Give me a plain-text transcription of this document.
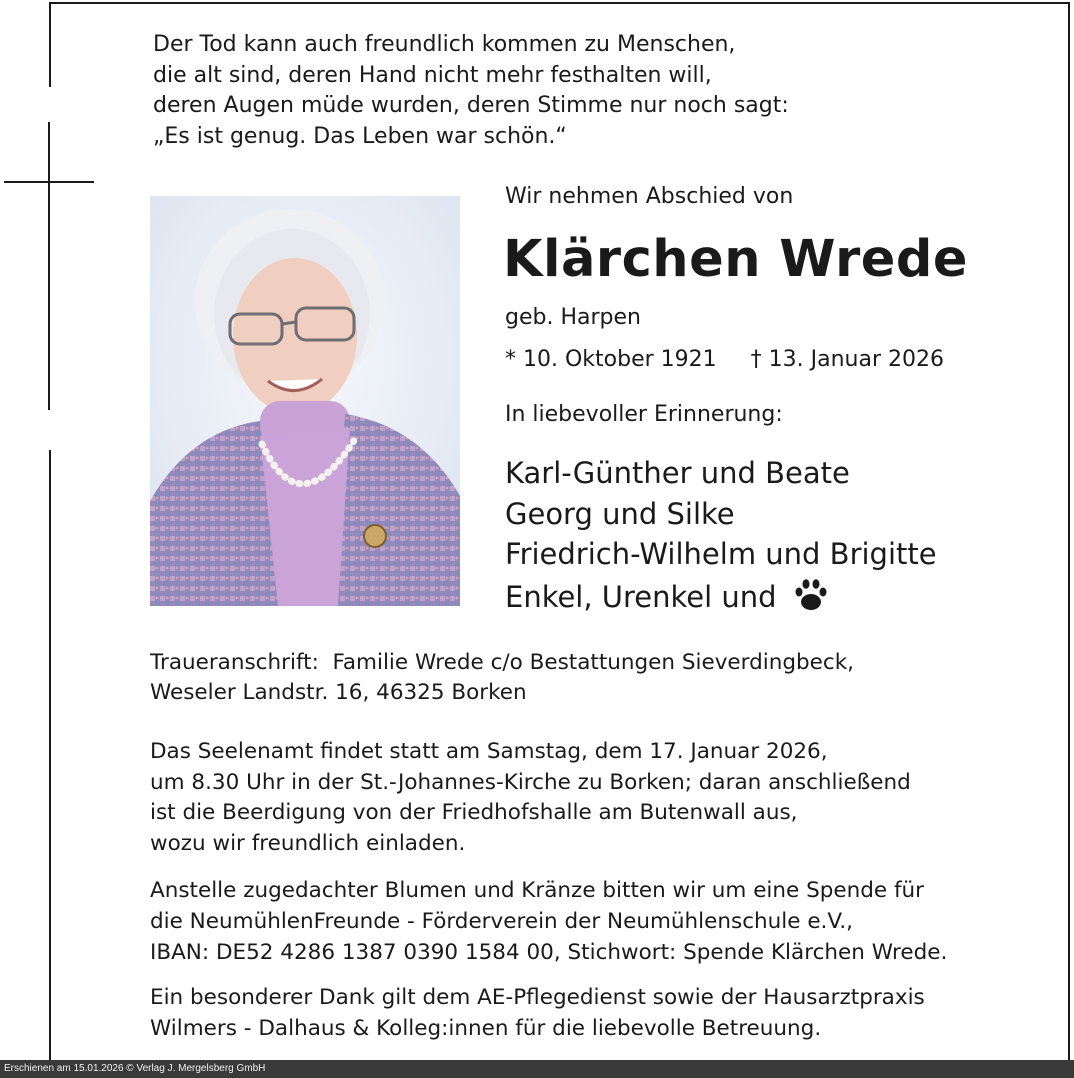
Der Tod kann auch freundlich kommen zu Menschen,
die alt sind, deren Hand nicht mehr festhalten will,
deren Augen müde wurden, deren Stimme nur noch sagt:
„Es ist genug. Das Leben war schön.“
Wir nehmen Abschied von
Klärchen Wrede
geb. Harpen
* 10. Oktober 1921 † 13. Januar 2026
In liebevoller Erinnerung:
Karl-Günther und Beate
Georg und Silke
Friedrich-Wilhelm und Brigitte
Enkel, Urenkel und
Traueranschrift:  Familie Wrede c/o Bestattungen Sieverdingbeck,
Weseler Landstr. 16, 46325 Borken
Das Seelenamt findet statt am Samstag, dem 17. Januar 2026,
um 8.30 Uhr in der St.-Johannes-Kirche zu Borken; daran anschließend
ist die Beerdigung von der Friedhofshalle am Butenwall aus,
wozu wir freundlich einladen.
Anstelle zugedachter Blumen und Kränze bitten wir um eine Spende für
die NeumühlenFreunde - Förderverein der Neumühlenschule e.V.,
IBAN: DE52 4286 1387 0390 1584 00, Stichwort: Spende Klärchen Wrede.
Ein besonderer Dank gilt dem AE-Pflegedienst sowie der Hausarztpraxis
Wilmers - Dalhaus & Kolleg:innen für die liebevolle Betreuung.
Erschienen am 15.01.2026 © Verlag J. Mergelsberg GmbH
